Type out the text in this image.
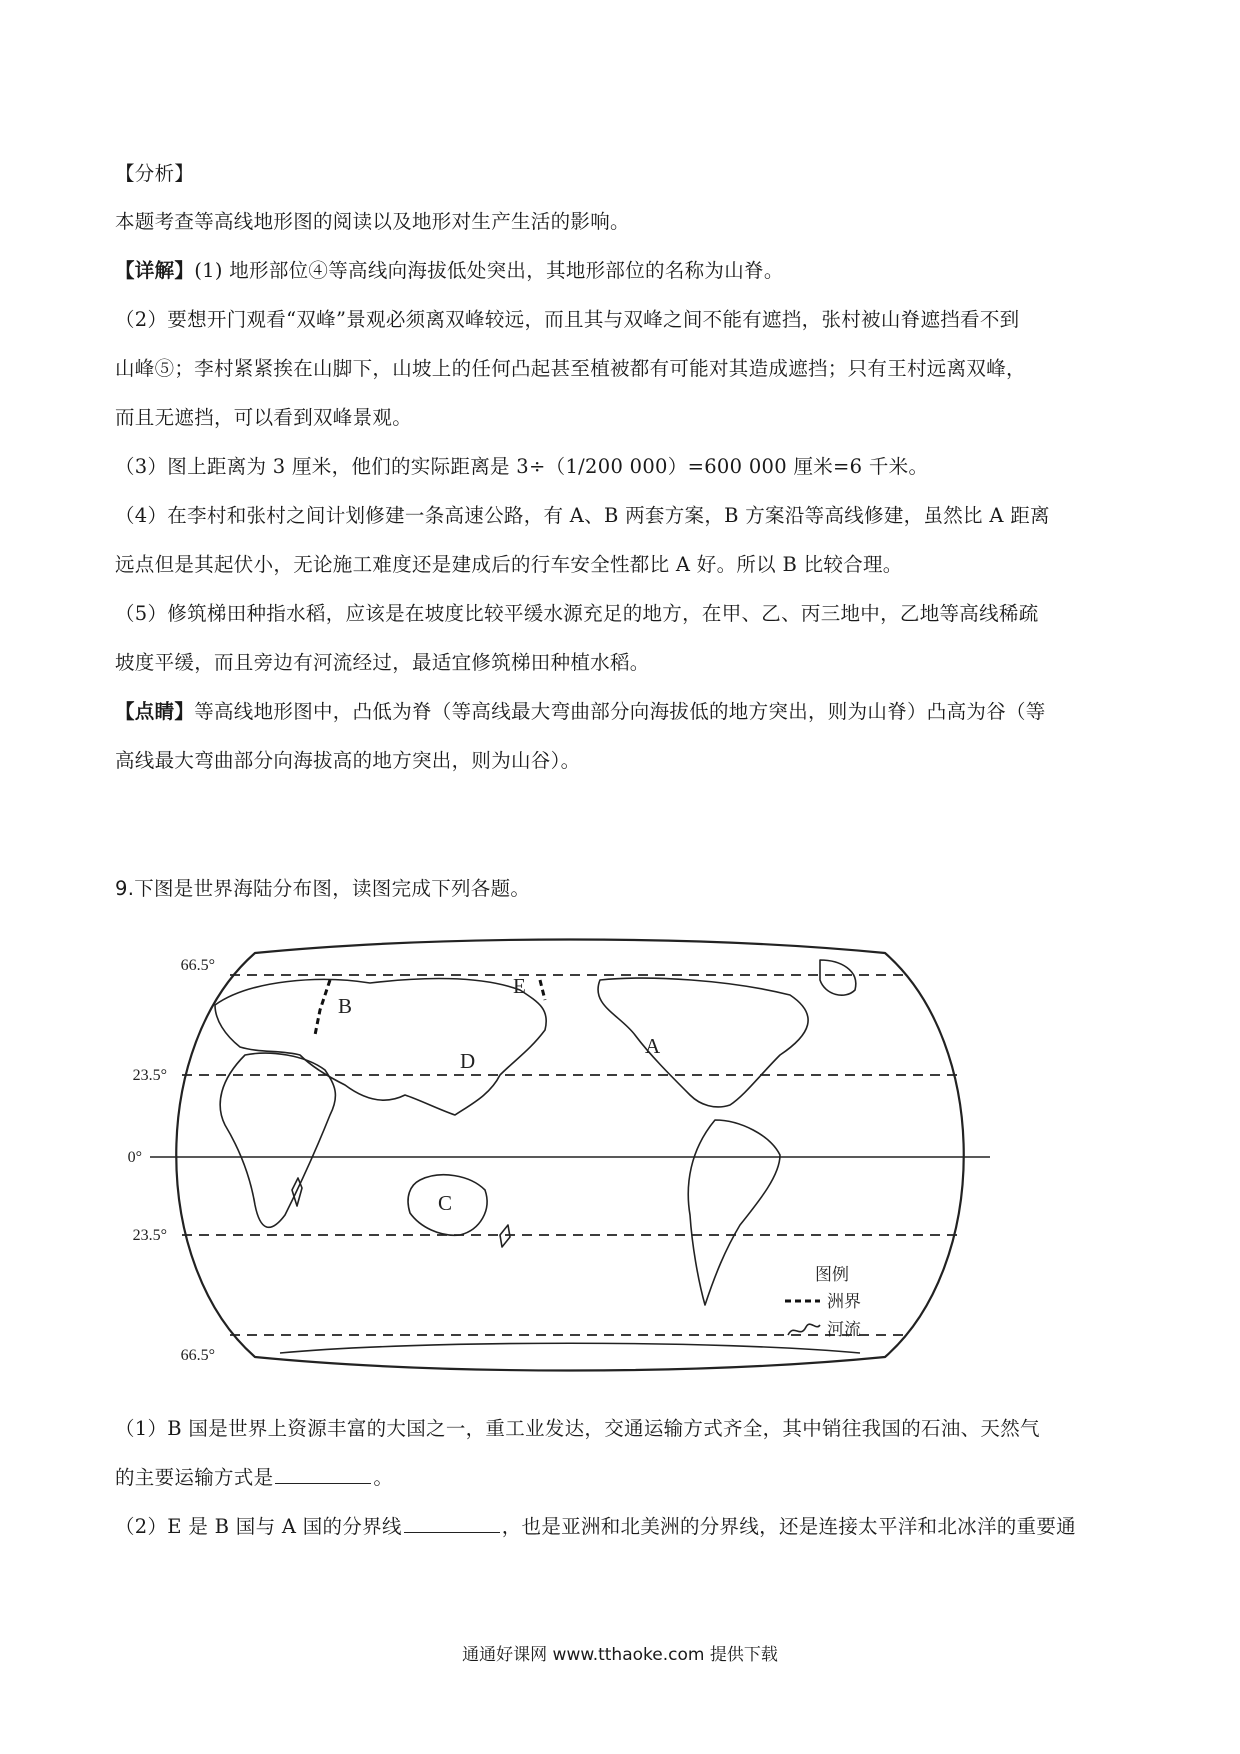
【分析】
本题考查等高线地形图的阅读以及地形对生产生活的影响。
【详解】(1) 地形部位④等高线向海拔低处突出，其地形部位的名称为山脊。
（2）要想开门观看“双峰”景观必须离双峰较远，而且其与双峰之间不能有遮挡，张村被山脊遮挡看不到
山峰⑤；李村紧紧挨在山脚下，山坡上的任何凸起甚至植被都有可能对其造成遮挡；只有王村远离双峰，
而且无遮挡，可以看到双峰景观。
（3）图上距离为 3 厘米，他们的实际距离是 3÷（1/200 000）=600 000 厘米=6 千米。
（4）在李村和张村之间计划修建一条高速公路，有 A、B 两套方案，B 方案沿等高线修建，虽然比 A 距离
远点但是其起伏小，无论施工难度还是建成后的行车安全性都比 A 好。所以 B 比较合理。
（5）修筑梯田种指水稻，应该是在坡度比较平缓水源充足的地方，在甲、乙、丙三地中，乙地等高线稀疏
坡度平缓，而且旁边有河流经过，最适宜修筑梯田种植水稻。
【点睛】等高线地形图中，凸低为脊（等高线最大弯曲部分向海拔低的地方突出，则为山脊）凸高为谷（等
高线最大弯曲部分向海拔高的地方突出，则为山谷）。
9.下图是世界海陆分布图，读图完成下列各题。
66.5°
23.5°
0°
23.5°
66.5°
A
B
C
D
E
图例
洲界
河流
（1）B 国是世界上资源丰富的大国之一，重工业发达，交通运输方式齐全，其中销往我国的石油、天然气
的主要运输方式是	。
（2）E 是 B 国与 A 国的分界线	，也是亚洲和北美洲的分界线，还是连接太平洋和北冰洋的重要通
通通好课网 www.tthaoke.com 提供下载
